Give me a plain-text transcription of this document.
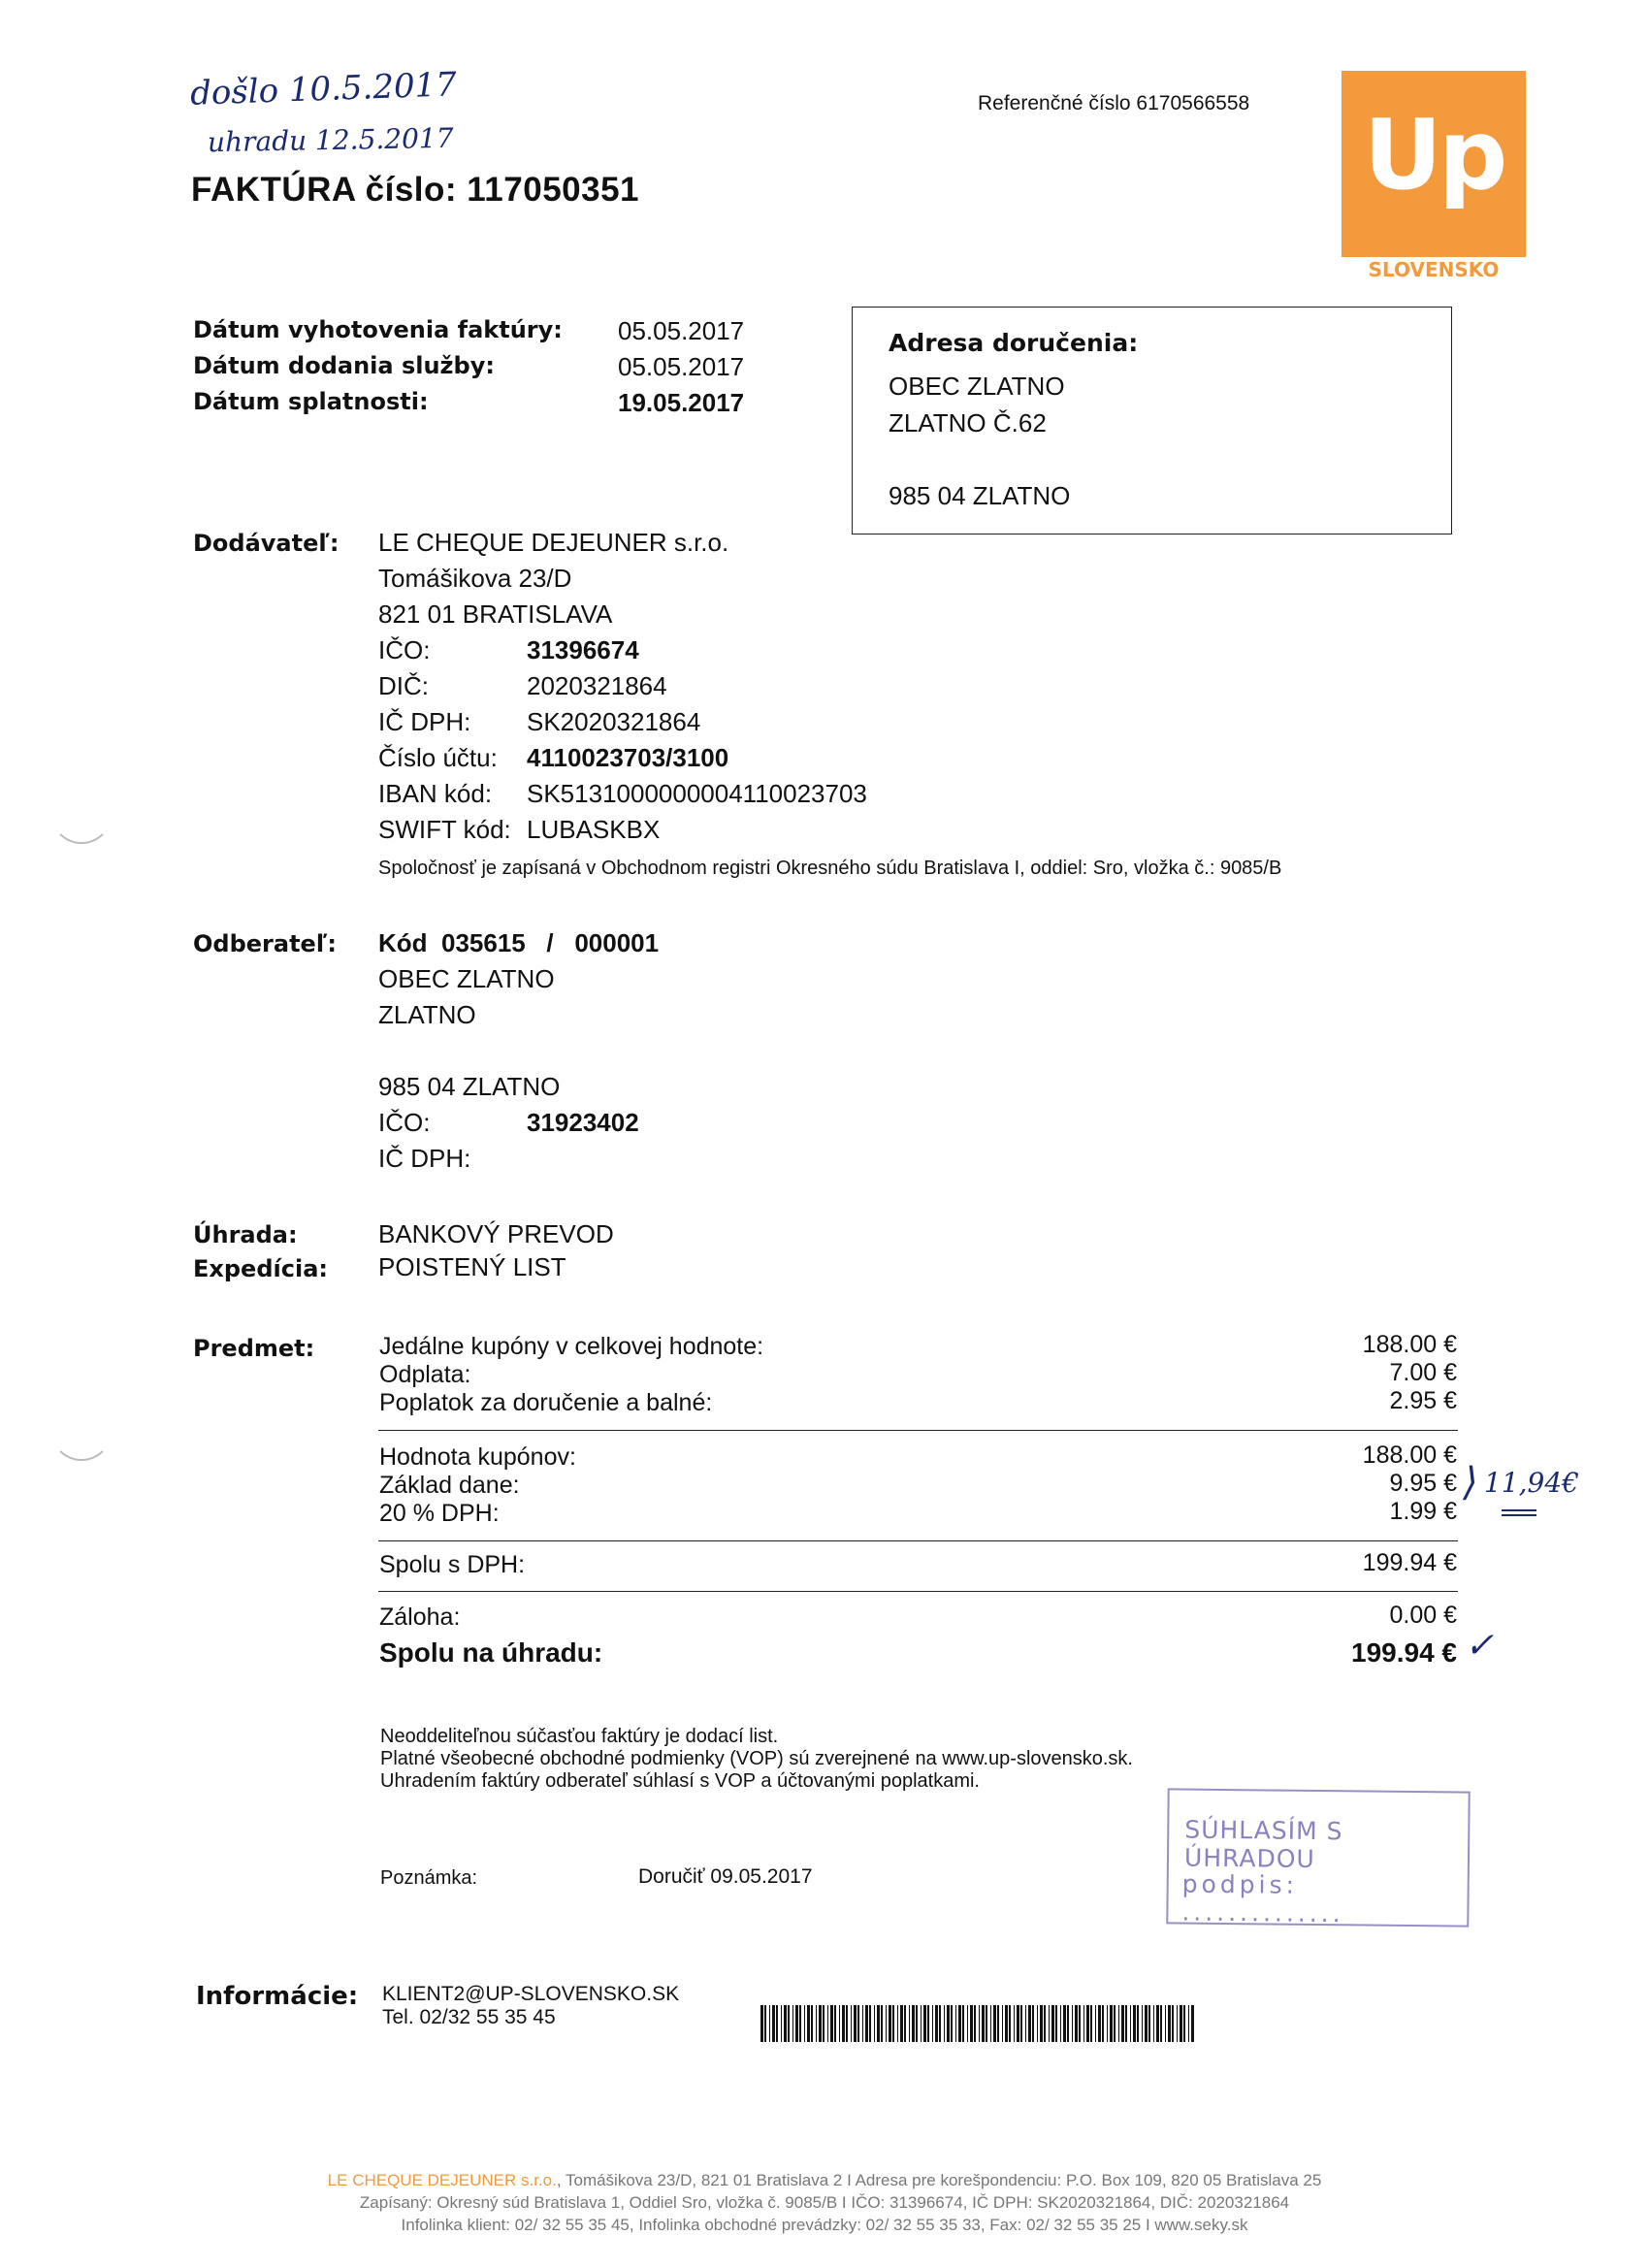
došlo 10.5.2017
uhradu 12.5.2017
FAKTÚRA číslo: 117050351
Referenčné číslo 6170566558 Up
SLOVENSKO
Dátum vyhotovenia faktúry: 05.05.2017
Dátum dodania služby:	05.05.2017
Dátum splatnosti:	19.05.2017
Adresa doručenia:
OBEC ZLATNO
ZLATNO Č.62
985 04 ZLATNO
Dodávateľ: LE CHEQUE DEJEUNER s.r.o.
Tomášikova 23/D
821 01 BRATISLAVA
IČO:	31396674
DIČ:	2020321864
IČ DPH: SK2020321864
Číslo účtu: 4110023703/3100
IBAN kód: SK5131000000004110023703
SWIFT kód: LUBASKBX
Spoločnosť je zapísaná v Obchodnom registri Okresného súdu Bratislava I, oddiel: Sro, vložka č.: 9085/B
Odberateľ: Kód  035615   /   000001
OBEC ZLATNO
ZLATNO
985 04 ZLATNO
IČO:	31923402
IČ DPH:
Úhrada:	BANKOVÝ PREVOD
Expedícia: POISTENÝ LIST
Predmet:	Jedálne kupóny v celkovej hodnote:	188.00 €
Odplata:	7.00 €
Poplatok za doručenie a balné:	2.95 €
Hodnota kupónov:	188.00 €
Základ dane:	9.95 €
20 % DPH:	1.99 €
⟩ 11,94€
Spolu s DPH:	199.94 €
Záloha:	0.00 €
Spolu na úhradu:	199.94 € ✓
Neoddeliteľnou súčasťou faktúry je dodací list.
Platné všeobecné obchodné podmienky (VOP) sú zverejnené na www.up-slovensko.sk.
Uhradením faktúry odberateľ súhlasí s VOP a účtovanými poplatkami.
Poznámka:	Doručiť 09.05.2017
SÚHLASÍM S ÚHRADOU
podpis: ..............
Informácie: KLIENT2@UP-SLOVENSKO.SK
Tel. 02/32 55 35 45
LE CHEQUE DEJEUNER s.r.o., Tomášikova 23/D, 821 01 Bratislava 2 I Adresa pre korešpondenciu: P.O. Box 109, 820 05 Bratislava 25
Zapísaný: Okresný súd Bratislava 1, Oddiel Sro, vložka č. 9085/B I IČO: 31396674, IČ DPH: SK2020321864, DIČ: 2020321864
Infolinka klient: 02/ 32 55 35 45, Infolinka obchodné prevádzky: 02/ 32 55 35 33, Fax: 02/ 32 55 35 25 I www.seky.sk
